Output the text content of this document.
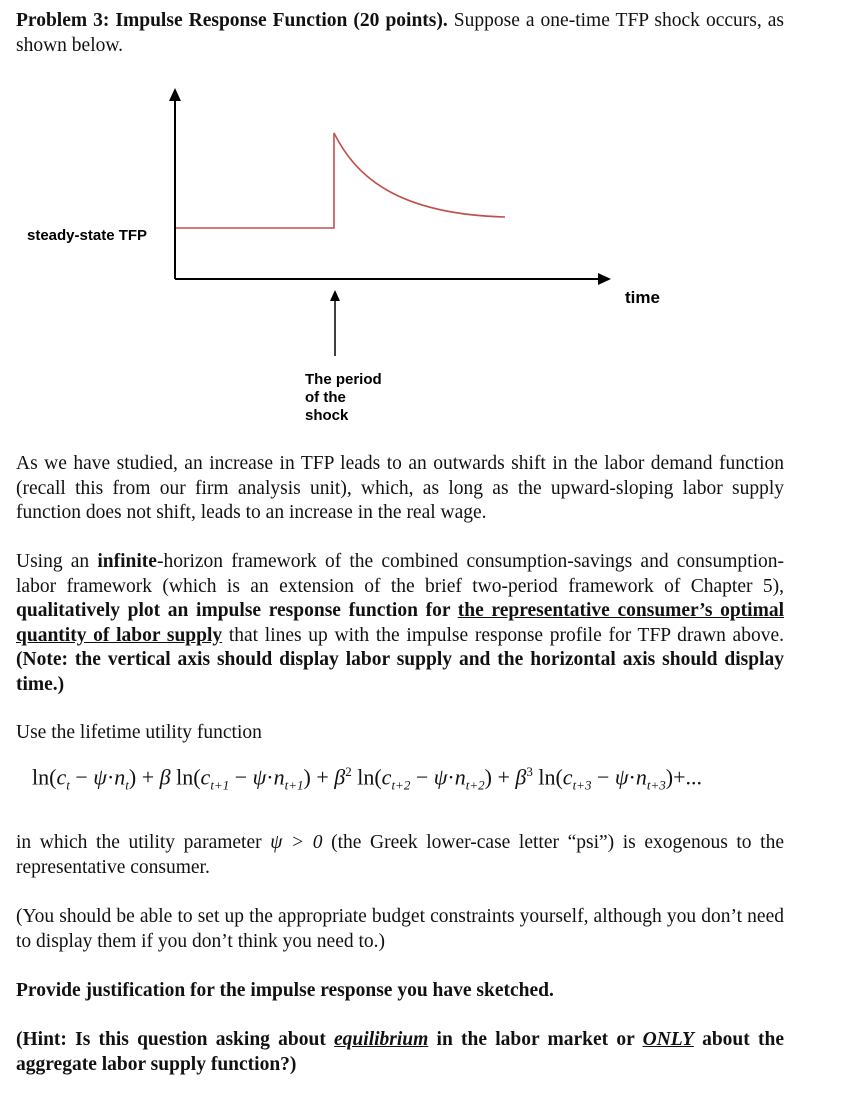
Problem 3: Impulse Response Function (20 points). Suppose a one-time TFP shock occurs, as shown below.

steady-state TFP
time
The period
of the
shock

As we have studied, an increase in TFP leads to an outwards shift in the labor demand function (recall this from our firm analysis unit), which, as long as the upward-sloping labor supply function does not shift, leads to an increase in the real wage.

Using an infinite-horizon framework of the combined consumption-savings and consumption-labor framework (which is an extension of the brief two-period framework of Chapter 5), qualitatively plot an impulse response function for the representative consumer’s optimal quantity of labor supply that lines up with the impulse response profile for TFP drawn above. (Note: the vertical axis should display labor supply and the horizontal axis should display time.)

Use the lifetime utility function

$\ln(c_t - \psi\cdot n_t) + \beta$ $\ln(c_{t+1} - \psi\cdot n_{t+1}) + \beta^2$ $\ln(c_{t+2} - \psi\cdot n_{t+2}) + \beta^3$ $\ln(c_{t+3} - \psi\cdot n_{t+3})+$...

in which the utility parameter ψ > 0 (the Greek lower-case letter “psi”) is exogenous to the representative consumer.

(You should be able to set up the appropriate budget constraints yourself, although you don’t need to display them if you don’t think you need to.)

Provide justification for the impulse response you have sketched.

(Hint: Is this question asking about equilibrium in the labor market or ONLY about the aggregate labor supply function?)
